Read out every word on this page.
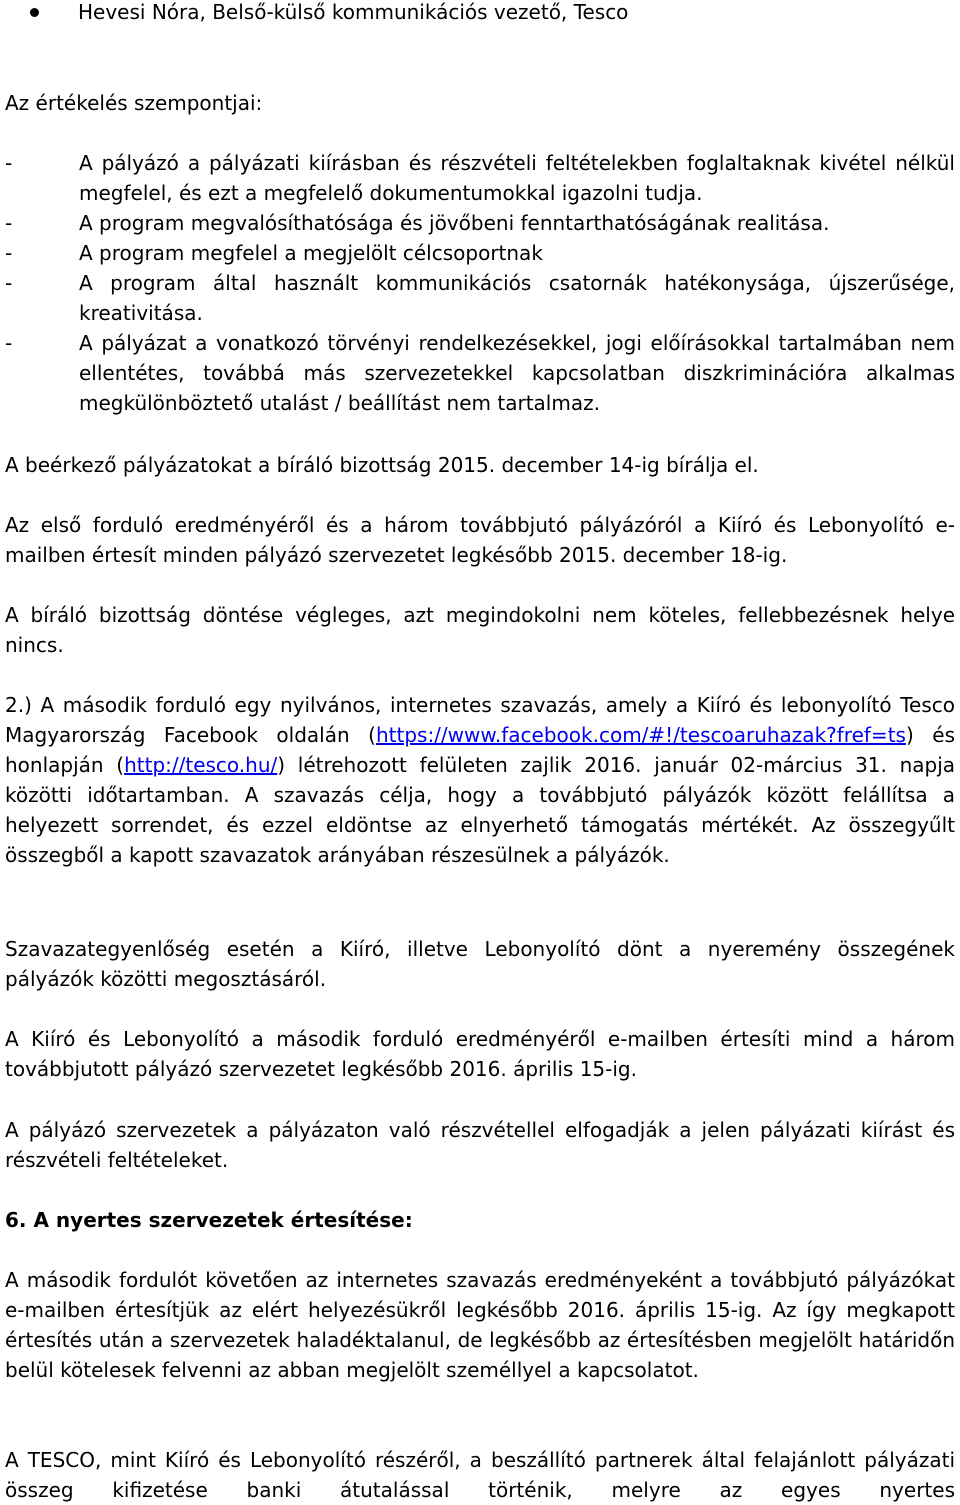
Hevesi Nóra, Belső-külső kommunikációs vezető, Tesco

Az értékelés szempontjai:

-	A pályázó a pályázati kiírásban és részvételi feltételekben foglaltaknak kivétel nélkül megfelel, és ezt a megfelelő dokumentumokkal igazolni tudja.
-	A program megvalósíthatósága és jövőbeni fenntarthatóságának realitása.
-	A program megfelel a megjelölt célcsoportnak
-	A program által használt kommunikációs csatornák hatékonysága, újszerűsége, kreativitása.
-	A pályázat a vonatkozó törvényi rendelkezésekkel, jogi előírásokkal tartalmában nem ellentétes, továbbá más szervezetekkel kapcsolatban diszkriminációra alkalmas megkülönböztető utalást / beállítást nem tartalmaz.

A beérkező pályázatokat a bíráló bizottság 2015. december 14-ig bírálja el.

Az első forduló eredményéről és a három továbbjutó pályázóról a Kiíró és Lebonyolító e-mailben értesít minden pályázó szervezetet legkésőbb 2015. december 18-ig.

A bíráló bizottság döntése végleges, azt megindokolni nem köteles, fellebbezésnek helye nincs.

2.) A második forduló egy nyilvános, internetes szavazás, amely a Kiíró és lebonyolító Tesco Magyarország Facebook oldalán (https://www.facebook.com/#!/tescoaruhazak?fref=ts) és honlapján (http://tesco.hu/) létrehozott felületen zajlik 2016. január 02-március 31. napja közötti időtartamban. A szavazás célja, hogy a továbbjutó pályázók között felállítsa a helyezett sorrendet, és ezzel eldöntse az elnyerhető támogatás mértékét. Az összegyűlt összegből a kapott szavazatok arányában részesülnek a pályázók.

Szavazategyenlőség esetén a Kiíró, illetve Lebonyolító dönt a nyeremény összegének pályázók közötti megosztásáról.

A Kiíró és Lebonyolító a második forduló eredményéről e-mailben értesíti mind a három továbbjutott pályázó szervezetet legkésőbb 2016. április 15-ig.

A pályázó szervezetek a pályázaton való részvétellel elfogadják a jelen pályázati kiírást és részvételi feltételeket.

6. A nyertes szervezetek értesítése:

A második fordulót követően az internetes szavazás eredményeként a továbbjutó pályázókat e-mailben értesítjük az elért helyezésükről legkésőbb 2016. április 15-ig. Az így megkapott értesítés után a szervezetek haladéktalanul, de legkésőbb az értesítésben megjelölt határidőn belül kötelesek felvenni az abban megjelölt személlyel a kapcsolatot.

A TESCO, mint Kiíró és Lebonyolító részéről, a beszállító partnerek által felajánlott pályázati összeg kifizetése banki átutalással történik, melyre az egyes nyertes
